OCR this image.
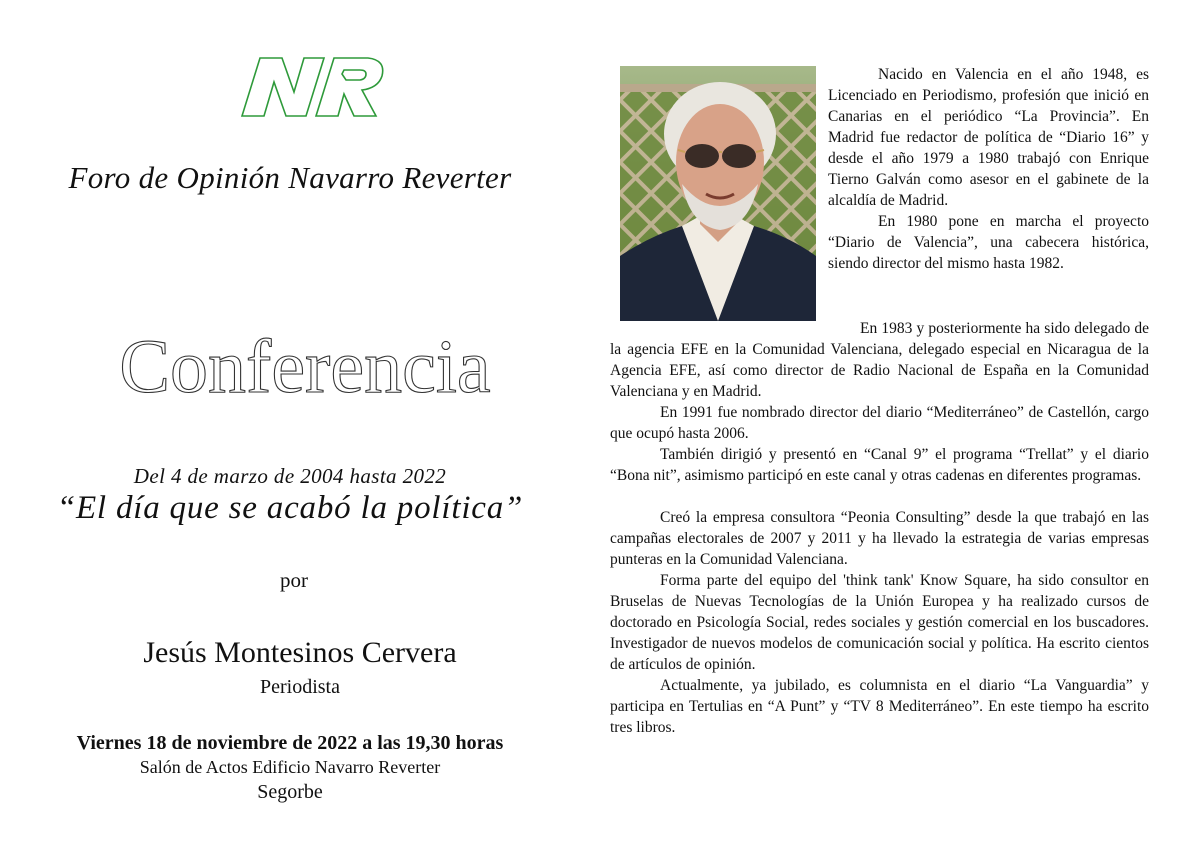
Foro de Opinión Navarro Reverter
Conferencia
Del 4 de marzo de 2004 hasta 2022
“El día que se acabó la política”
por
Jesús Montesinos Cervera
Periodista
Viernes 18 de noviembre de 2022 a las 19,30 horas
Salón de Actos Edificio Navarro Reverter
Segorbe

Nacido en Valencia en el año 1948, es Licenciado en Periodismo, profesión que inició en Canarias en el periódico “La Provincia”. En Madrid fue redactor de política de “Diario 16” y desde el año 1979 a 1980 trabajó con Enrique Tierno Galván como asesor en el gabinete de la alcaldía de Madrid.

En 1980 pone en marcha el proyecto “Diario de Valencia”, una cabecera histórica, siendo director del mismo hasta 1982.

En 1983 y posteriormente ha sido delegado de la agencia EFE en la Comunidad Valenciana, delegado especial en Nicaragua de la Agencia EFE, así como director de Radio Nacional de España en la Comunidad Valenciana y en Madrid.

En 1991 fue nombrado director del diario “Mediterráneo” de Castellón, cargo que ocupó hasta 2006.

También dirigió y presentó en “Canal 9” el programa “Trellat” y el diario “Bona nit”, asimismo participó en este canal y otras cadenas en diferentes programas.

Creó la empresa consultora “Peonia Consulting” desde la que trabajó en las campañas electorales de 2007 y 2011 y ha llevado la estrategia de varias empresas punteras en la Comunidad Valenciana.

Forma parte del equipo del 'think tank' Know Square, ha sido consultor en Bruselas de Nuevas Tecnologías de la Unión Europea y ha realizado cursos de doctorado en Psicología Social, redes sociales y gestión comercial en los buscadores. Investigador de nuevos modelos de comunicación social y política. Ha escrito cientos de artículos de opinión.

Actualmente, ya jubilado, es columnista en el diario “La Vanguardia” y participa en Tertulias en “A Punt” y “TV 8 Mediterráneo”. En este tiempo ha escrito tres libros.
